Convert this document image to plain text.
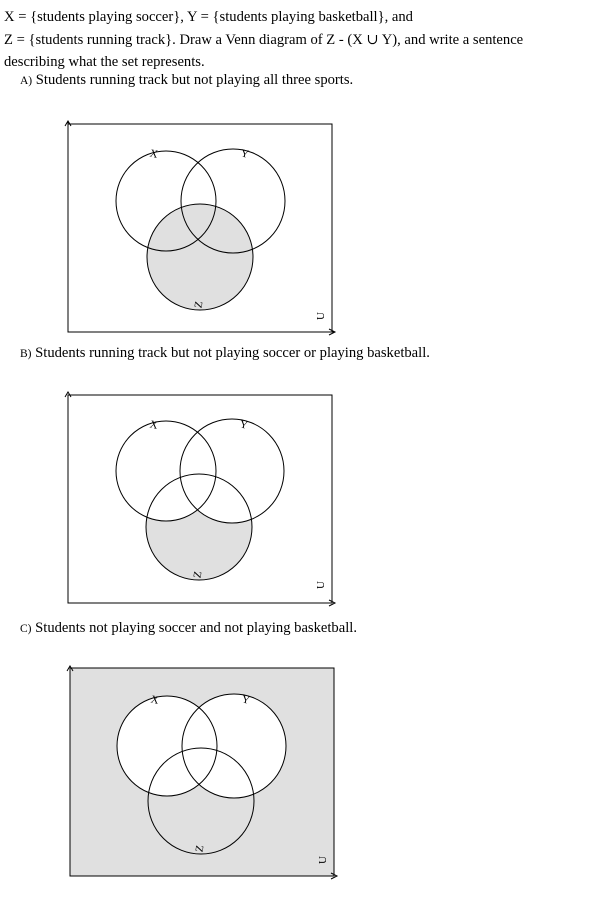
X = {students playing soccer}, Y = {students playing basketball}, and
Z = {students running track}. Draw a Venn diagram of Z - (X ∪ Y), and write a sentence
describing what the set represents.
A) Students running track but not playing all three sports.
X	Y
Z
U
B) Students running track but not playing soccer or playing basketball.
X	Y
Z
U
C) Students not playing soccer and not playing basketball.
X	Y
Z
U
